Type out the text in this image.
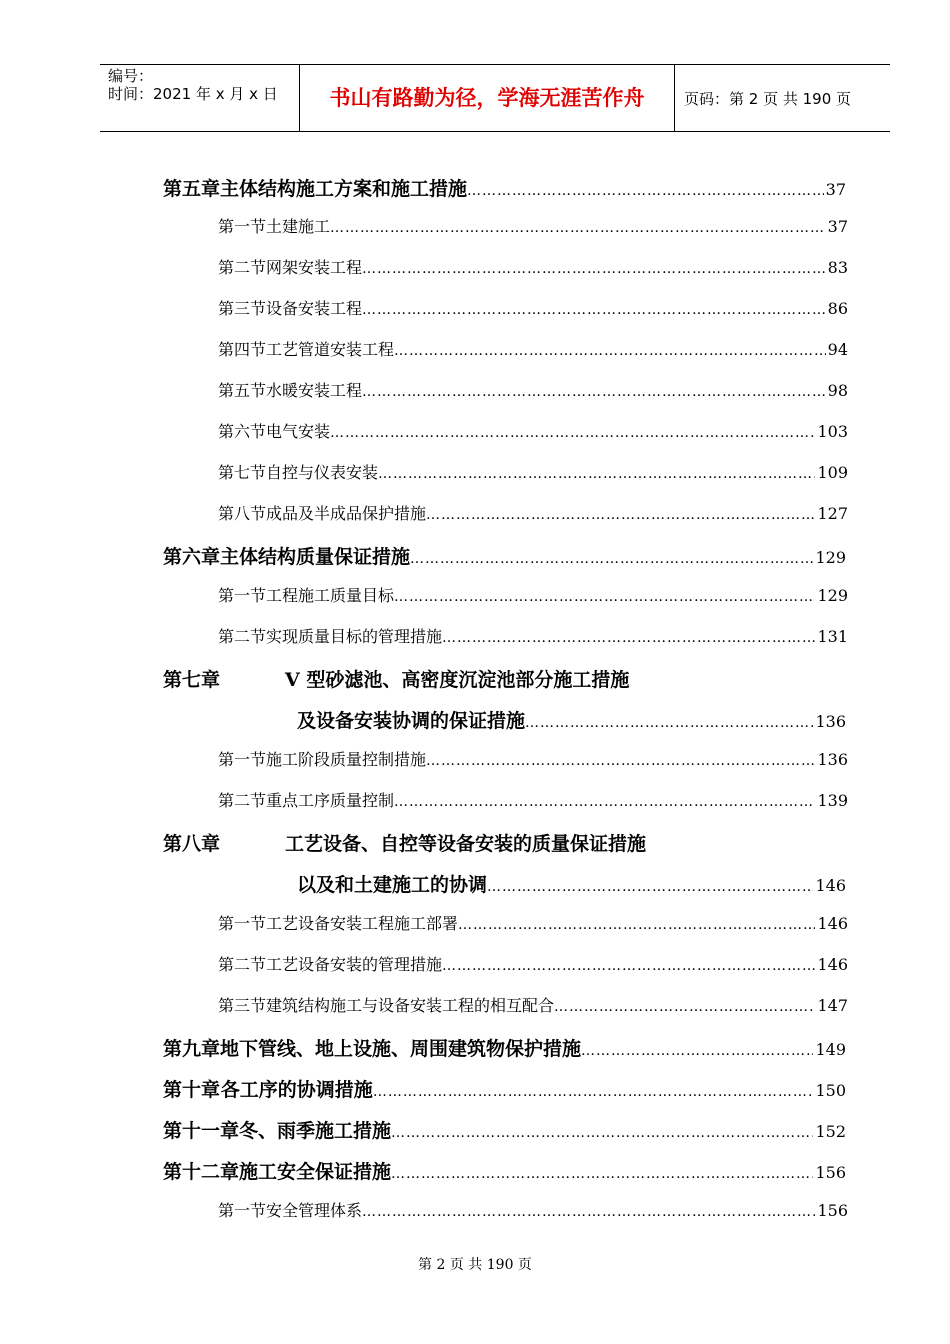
编号：
时间：2021 年 x 月 x 日	书山有路勤为径，学海无涯苦作舟	页码：第 2 页 共 190 页
第五章 主体结构施工方案和施工措施 ……………………………………………………………………………………………………………………………………………………………………	37
第一节 土建施工 ……………………………………………………………………………………………………………………………………………………………………	37
第二节 网架安装工程 ……………………………………………………………………………………………………………………………………………………………………	83
第三节 设备安装工程 ……………………………………………………………………………………………………………………………………………………………………	86
第四节 工艺管道安装工程 ……………………………………………………………………………………………………………………………………………………………………	94
第五节 水暖安装工程 ……………………………………………………………………………………………………………………………………………………………………	98
第六节 电气安装 ……………………………………………………………………………………………………………………………………………………………………	103
第七节 自控与仪表安装 ……………………………………………………………………………………………………………………………………………………………………	109
第八节 成品及半成品保护措施 ……………………………………………………………………………………………………………………………………………………………………	127
第六章 主体结构质量保证措施 ……………………………………………………………………………………………………………………………………………………………………	129
第一节 工程施工质量目标 ……………………………………………………………………………………………………………………………………………………………………	129
第二节 实现质量目标的管理措施 ……………………………………………………………………………………………………………………………………………………………………	131
第七章	V 型砂滤池、高密度沉淀池部分施工措施
及设备安装协调的保证措施 ……………………………………………………………………………………………………………………………………………………………………	136
第一节 施工阶段质量控制措施 ……………………………………………………………………………………………………………………………………………………………………	136
第二节 重点工序质量控制 ……………………………………………………………………………………………………………………………………………………………………	139
第八章	工艺设备、自控等设备安装的质量保证措施
以及和土建施工的协调 ……………………………………………………………………………………………………………………………………………………………………	146
第一节 工艺设备安装工程施工部署 ……………………………………………………………………………………………………………………………………………………………………	146
第二节 工艺设备安装的管理措施 ……………………………………………………………………………………………………………………………………………………………………	146
第三节 建筑结构施工与设备安装工程的相互配合 ……………………………………………………………………………………………………………………………………………………………………	147
第九章 地下管线、地上设施、周围建筑物保护措施 ……………………………………………………………………………………………………………………………………………………………………	149
第十章 各工序的协调措施 ……………………………………………………………………………………………………………………………………………………………………	150
第十一章 冬、雨季施工措施 ……………………………………………………………………………………………………………………………………………………………………	152
第十二章 施工安全保证措施 ……………………………………………………………………………………………………………………………………………………………………	156
第一节 安全管理体系 ……………………………………………………………………………………………………………………………………………………………………	156
第 2 页 共 190 页
